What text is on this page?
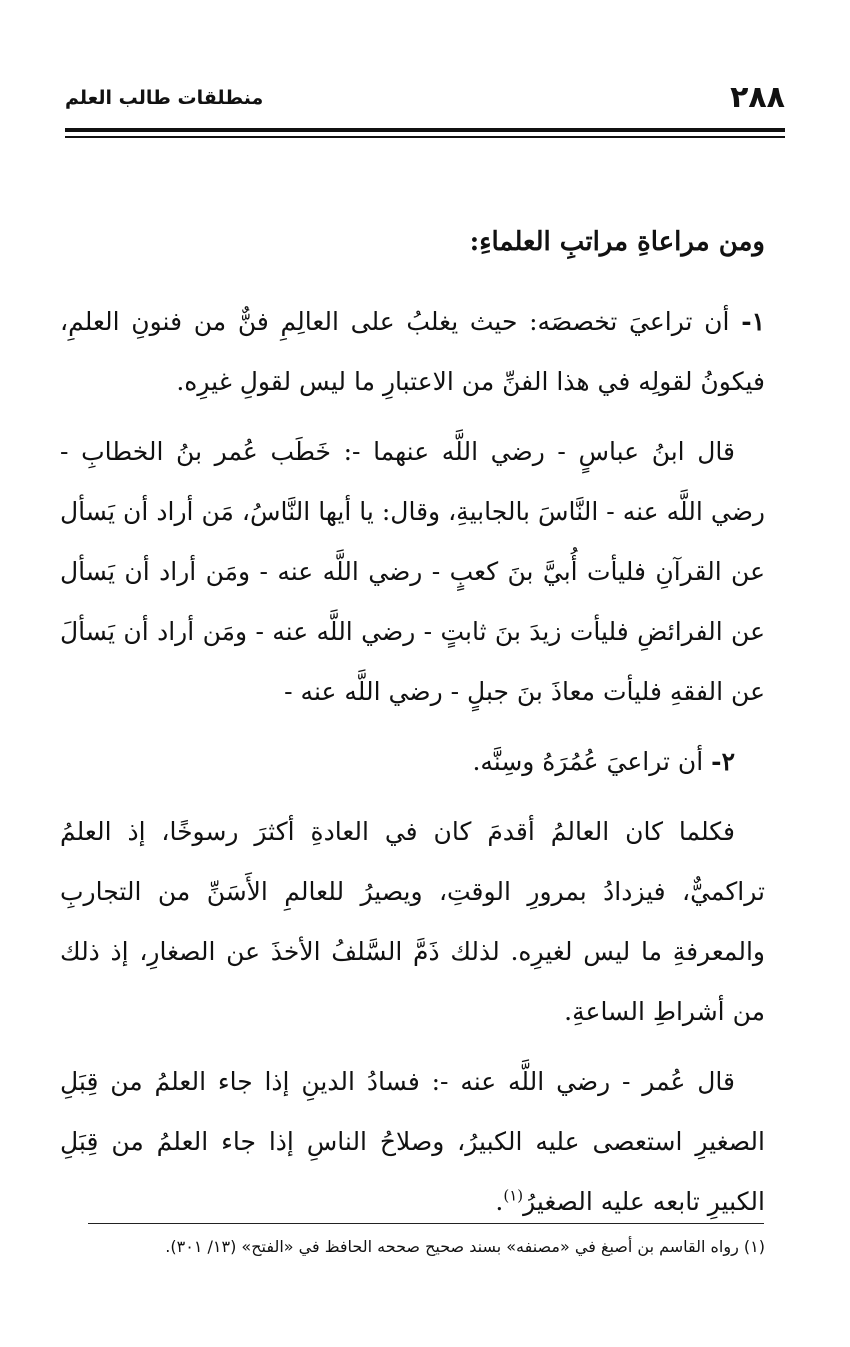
٢٨٨
منطلقات طالب العلم

ومن مراعاةِ مراتبِ العلماءِ:

١- أن تراعيَ تخصصَه: حيث يغلبُ على العالِمِ فنٌّ من فنونِ العلمِ، فيكونُ لقولِه في هذا الفنِّ من الاعتبارِ ما ليس لقولِ غيرِه.

قال ابنُ عباسٍ - رضي اللَّه عنهما -: خَطَب عُمر بنُ الخطابِ - رضي اللَّه عنه - النَّاسَ بالجابيةِ، وقال: يا أيها النَّاسُ، مَن أراد أن يَسأل عن القرآنِ فليأت أُبيَّ بنَ كعبٍ - رضي اللَّه عنه - ومَن أراد أن يَسأل عن الفرائضِ فليأت زيدَ بنَ ثابتٍ - رضي اللَّه عنه - ومَن أراد أن يَسألَ عن الفقهِ فليأت معاذَ بنَ جبلٍ - رضي اللَّه عنه -

٢- أن تراعيَ عُمُرَهُ وسِنَّه.

فكلما كان العالمُ أقدمَ كان في العادةِ أكثرَ رسوخًا، إذ العلمُ تراكميٌّ، فيزدادُ بمرورِ الوقتِ، ويصيرُ للعالمِ الأَسَنِّ من التجاربِ والمعرفةِ ما ليس لغيرِه. لذلك ذَمَّ السَّلفُ الأخذَ عن الصغارِ، إذ ذلك من أشراطِ الساعةِ.

قال عُمر - رضي اللَّه عنه -: فسادُ الدينِ إذا جاء العلمُ من قِبَلِ الصغيرِ استعصى عليه الكبيرُ، وصلاحُ الناسِ إذا جاء العلمُ من قِبَلِ الكبيرِ تابعه عليه الصغيرُ$^{(١)}$.

(١) رواه القاسم بن أصبغ في «مصنفه» بسند صحيح صححه الحافظ في «الفتح» (١٣/ ٣٠١).
